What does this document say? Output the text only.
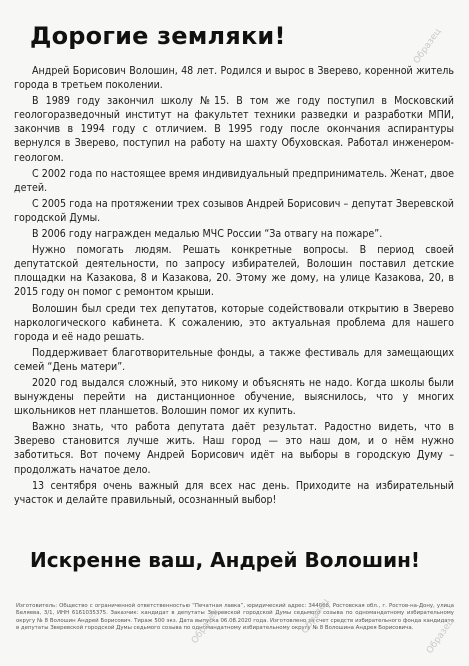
Дорогие земляки!

Андрей Борисович Волошин, 48 лет. Родился и вырос в Зверево, коренной житель города в третьем поколении.

В 1989 году закончил школу №15. В том же году поступил в Московский геологоразведочный институт на факультет техники разведки и разработки МПИ, закончив в 1994 году с отличием. В 1995 году после окончания аспирантуры вернулся в Зверево, поступил на работу на шахту Обуховская. Работал инженером-геологом.

С 2002 года по настоящее время индивидуальный предприниматель. Женат, двое детей.

С 2005 года на протяжении трех созывов Андрей Борисович – депутат Зверевской городской Думы.

В 2006 году награжден медалью МЧС России “За отвагу на пожаре”.

Нужно помогать людям. Решать конкретные вопросы. В период своей депутатской деятельности, по запросу избирателей, Волошин поставил детские площадки на Казакова, 8 и Казакова, 20. Этому же дому, на улице Казакова, 20, в 2015 году он помог с ремонтом крыши.

Волошин был среди тех депутатов, которые содействовали открытию в Зверево наркологического кабинета. К сожалению, это актуальная проблема для нашего города и её надо решать.

Поддерживает благотворительные фонды, а также фестиваль для замещающих семей “День матери”.

2020 год выдался сложный, это никому и объяснять не надо. Когда школы были вынуждены перейти на дистанционное обучение, выяснилось, что у многих школьников нет планшетов. Волошин помог их купить.

Важно знать, что работа депутата даёт результат. Радостно видеть, что в Зверево становится лучше жить. Наш город — это наш дом, и о нём нужно заботиться. Вот почему Андрей Борисович идёт на выборы в городскую Думу – продолжать начатое дело.

13 сентября очень важный для всех нас день. Приходите на избирательный участок и делайте правильный, осознанный выбор!

Искренне ваш, Андрей Волошин!
Изготовитель: Общество с ограниченной ответственностью “Печатная лавка”, юридический адрес: 344068, Ростовская обл., г. Ростов-на-Дону, улица Беляева, 3/1, ИНН 6161035375. Заказчик: кандидат в депутаты Зверевской городской Думы седьмого созыва по одномандатному избирательному округу № 8 Волошин Андрей Борисович. Тираж 500 экз. Дата выпуска 06.08.2020 года. Изготовлено за счет средств избирательного фонда кандидата в депутаты Зверевской городской Думы седьмого созыва по одномандатному избирательному округу № 8 Волошина Андрея Борисовича.
Образец
Образец
Образец
Образец
